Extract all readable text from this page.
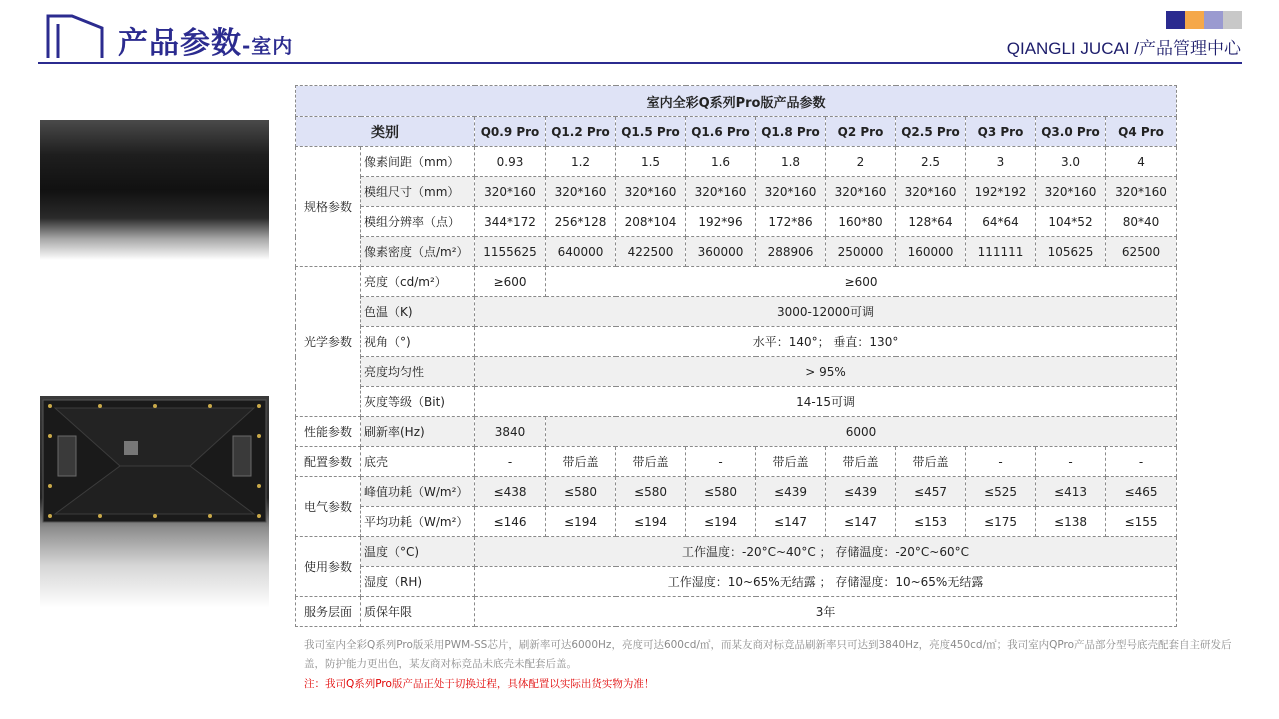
产品参数-室内	QIANGLI JUCAI /产品管理中心
室内全彩Q系列Pro版产品参数											
类别		Q0.9 Pro	Q1.2 Pro	Q1.5 Pro	Q1.6 Pro	Q1.8 Pro	Q2 Pro	Q2.5 Pro	Q3 Pro	Q3.0 Pro	Q4 Pro
规格参数	像素间距（mm）	0.93	1.2	1.5	1.6	1.8	2	2.5	3	3.0	4
	模组尺寸（mm）	320*160	320*160	320*160	320*160	320*160	320*160	320*160	192*192	320*160	320*160
	模组分辨率（点）	344*172	256*128	208*104	192*96	172*86	160*80	128*64	64*64	104*52	80*40
	像素密度（点/m²）	1155625	640000	422500	360000	288906	250000	160000	111111	105625	62500
光学参数	亮度（cd/m²）	≥600	≥600								
	色温（K)	3000-12000可调									
	视角（°)	水平：140°； 垂直：130°									
	亮度均匀性	> 95%									
	灰度等级（Bit)	14-15可调									
性能参数	刷新率(Hz)	3840	6000								
配置参数	底壳	-	带后盖	带后盖	-	带后盖	带后盖	带后盖	-	-	-
电气参数	峰值功耗（W/m²）	≤438	≤580	≤580	≤580	≤439	≤439	≤457	≤525	≤413	≤465
	平均功耗（W/m²）	≤146	≤194	≤194	≤194	≤147	≤147	≤153	≤175	≤138	≤155
使用参数	温度（°C)	工作温度：-20°C~40°C ； 存储温度：-20°C~60°C									
	湿度（RH)	工作湿度：10~65%无结露 ； 存储湿度：10~65%无结露									
服务层面	质保年限	3年									
我司室内全彩Q系列Pro版采用PWM-SS芯片，刷新率可达6000Hz，亮度可达600cd/㎡，而某友商对标竞品刷新率只可达到3840Hz，亮度450cd/㎡；我司室内QPro产品部分型号底壳配套自主研发后盖，防护能力更出色，某友商对标竞品未底壳未配套后盖。
注：我司Q系列Pro版产品正处于切换过程，具体配置以实际出货实物为准！
